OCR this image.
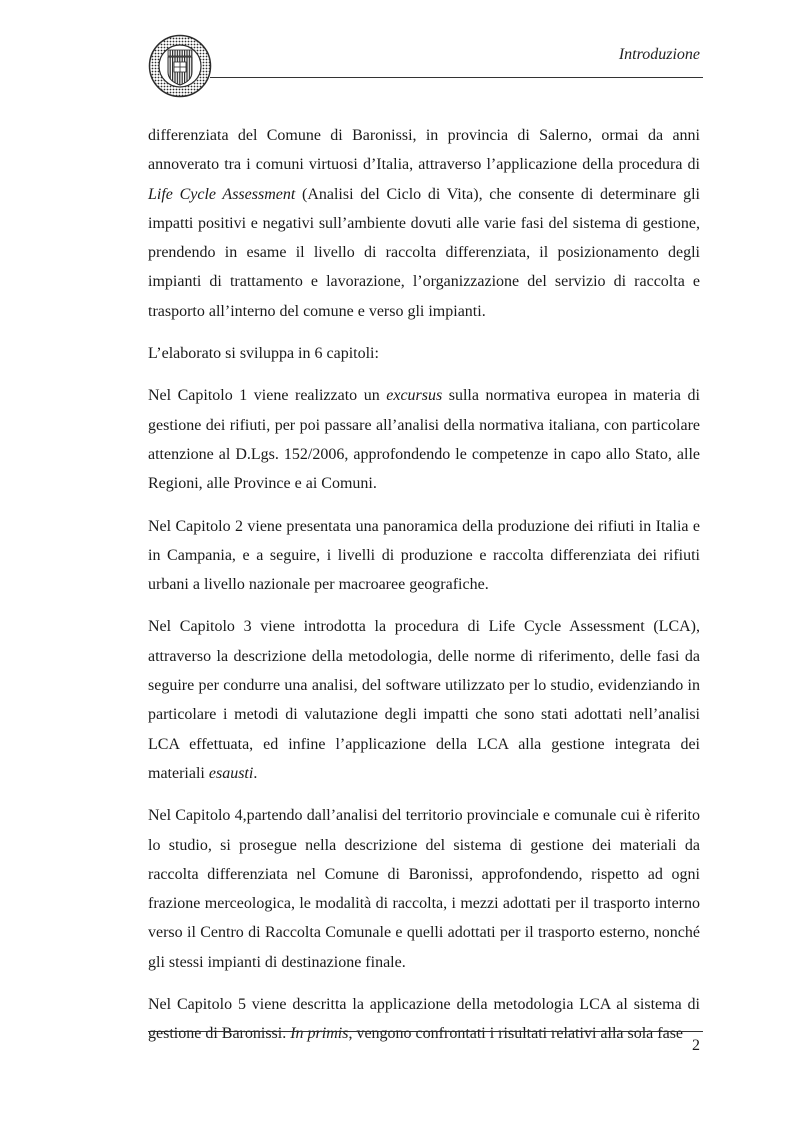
Introduzione

differenziata del Comune di Baronissi, in provincia di Salerno, ormai da anni annoverato tra i comuni virtuosi d’Italia, attraverso l’applicazione della procedura di Life Cycle Assessment (Analisi del Ciclo di Vita), che consente di determinare gli impatti positivi e negativi sull’ambiente dovuti alle varie fasi del sistema di gestione, prendendo in esame il livello di raccolta differenziata, il posizionamento degli impianti di trattamento e lavorazione, l’organizzazione del servizio di raccolta e trasporto all’interno del comune e verso gli impianti.

L’elaborato si sviluppa in 6 capitoli:

Nel Capitolo 1 viene realizzato un excursus sulla normativa europea in materia di gestione dei rifiuti, per poi passare all’analisi della normativa italiana, con particolare attenzione al D.Lgs. 152/2006, approfondendo le competenze in capo allo Stato, alle Regioni, alle Province e ai Comuni.

Nel Capitolo 2 viene presentata una panoramica della produzione dei rifiuti in Italia e in Campania, e a seguire, i livelli di produzione e raccolta differenziata dei rifiuti urbani a livello nazionale per macroaree geografiche.

Nel Capitolo 3 viene introdotta la procedura di Life Cycle Assessment (LCA), attraverso la descrizione della metodologia, delle norme di riferimento, delle fasi da seguire per condurre una analisi, del software utilizzato per lo studio, evidenziando in particolare i metodi di valutazione degli impatti che sono stati adottati nell’analisi LCA effettuata, ed infine l’applicazione della LCA alla gestione integrata dei materiali esausti.

Nel Capitolo 4,partendo dall’analisi del territorio provinciale e comunale cui è riferito lo studio, si prosegue nella descrizione del sistema di gestione dei materiali da raccolta differenziata nel Comune di Baronissi, approfondendo, rispetto ad ogni frazione merceologica, le modalità di raccolta, i mezzi adottati per il trasporto interno verso il Centro di Raccolta Comunale e quelli adottati per il trasporto esterno, nonché gli stessi impianti di destinazione finale.

Nel Capitolo 5 viene descritta la applicazione della metodologia LCA al sistema di gestione di Baronissi. In primis, vengono confrontati i risultati relativi alla sola fase

2
